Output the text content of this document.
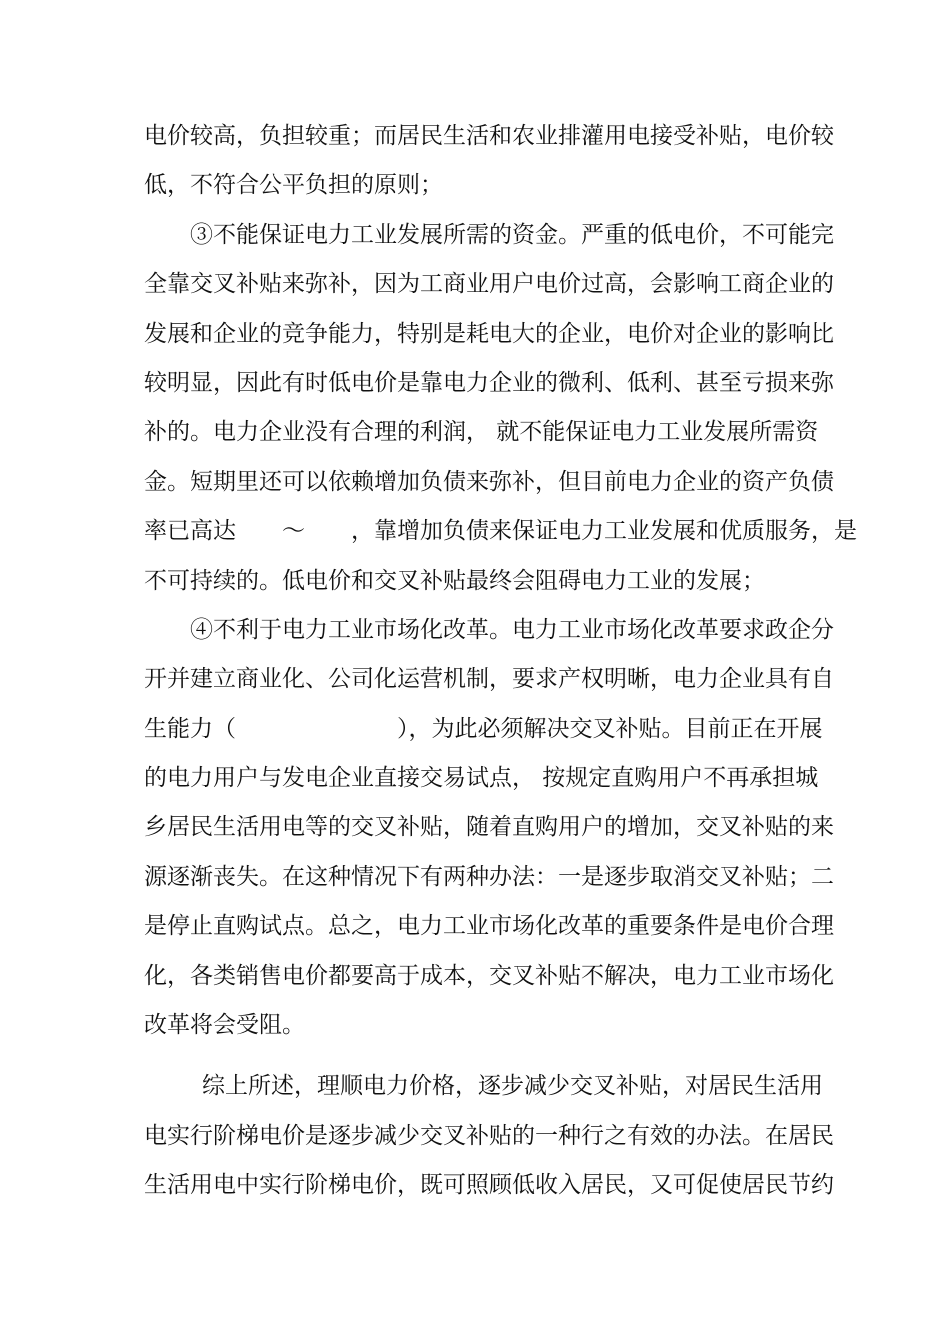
电价较高，负担较重；而居民生活和农业排灌用电接受补贴，电价较
低，不符合公平负担的原则；
③不能保证电力工业发展所需的资金。严重的低电价，不可能完
全靠交叉补贴来弥补，因为工商业用户电价过高，会影响工商企业的
发展和企业的竞争能力，特别是耗电大的企业，电价对企业的影响比
较明显，因此有时低电价是靠电力企业的微利、低利、甚至亏损来弥
补的。电力企业没有合理的利润， 就不能保证电力工业发展所需资
金。短期里还可以依赖增加负债来弥补，但目前电力企业的资产负债
率已高达　　～　　，靠增加负债来保证电力工业发展和优质服务，是
不可持续的。低电价和交叉补贴最终会阻碍电力工业的发展；
④不利于电力工业市场化改革。电力工业市场化改革要求政企分
开并建立商业化、公司化运营机制，要求产权明晰，电力企业具有自
生能力（　　　　　　　），为此必须解决交叉补贴。目前正在开展
的电力用户与发电企业直接交易试点， 按规定直购用户不再承担城
乡居民生活用电等的交叉补贴，随着直购用户的增加，交叉补贴的来
源逐渐丧失。在这种情况下有两种办法：一是逐步取消交叉补贴；二
是停止直购试点。总之，电力工业市场化改革的重要条件是电价合理
化，各类销售电价都要高于成本，交叉补贴不解决，电力工业市场化
改革将会受阻。
综上所述，理顺电力价格，逐步减少交叉补贴，对居民生活用
电实行阶梯电价是逐步减少交叉补贴的一种行之有效的办法。在居民
生活用电中实行阶梯电价，既可照顾低收入居民，又可促使居民节约
